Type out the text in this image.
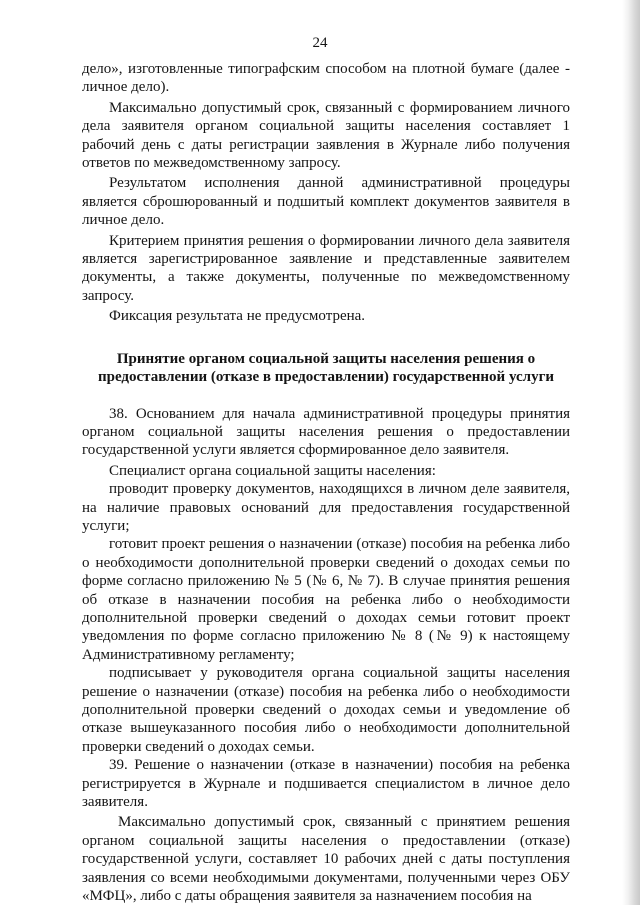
24

дело», изготовленные типографским способом на плотной бумаге (далее - личное дело).

Максимально допустимый срок, связанный с формированием личного дела заявителя органом социальной защиты населения составляет 1 рабочий день с даты регистрации заявления в Журнале либо получения ответов по межведомственному запросу.

Результатом исполнения данной административной процедуры является сброшюрованный и подшитый комплект документов заявителя в личное дело.

Критерием принятия решения о формировании личного дела заявителя является зарегистрированное заявление и представленные заявителем документы, а также документы, полученные по межведомственному запросу.

Фиксация результата не предусмотрена.

Принятие органом социальной защиты населения решения о
предоставлении (отказе в предоставлении) государственной услуги

38. Основанием для начала административной процедуры принятия органом социальной защиты населения решения о предоставлении государственной услуги является сформированное дело заявителя.

Специалист органа социальной защиты населения:

проводит проверку документов, находящихся в личном деле заявителя, на наличие правовых оснований для предоставления государственной услуги;

готовит проект решения о назначении (отказе) пособия на ребенка либо о необходимости дополнительной проверки сведений о доходах семьи по форме согласно приложению № 5 (№ 6, № 7). В случае принятия решения об отказе в назначении пособия на ребенка либо о необходимости дополнительной проверки сведений о доходах семьи готовит проект уведомления по форме согласно приложению № 8 (№ 9) к настоящему Административному регламенту;

подписывает у руководителя органа социальной защиты населения решение о назначении (отказе) пособия на ребенка либо о необходимости дополнительной проверки сведений о доходах семьи и уведомление об отказе вышеуказанного пособия либо о необходимости дополнительной проверки сведений о доходах семьи.

39. Решение о назначении (отказе в назначении) пособия на ребенка регистрируется в Журнале и подшивается специалистом в личное дело заявителя.

Максимально допустимый срок, связанный с принятием решения органом социальной защиты населения о предоставлении (отказе) государственной услуги, составляет 10 рабочих дней с даты поступления заявления со всеми необходимыми документами, полученными через ОБУ «МФЦ», либо с даты обращения заявителя за назначением пособия на
